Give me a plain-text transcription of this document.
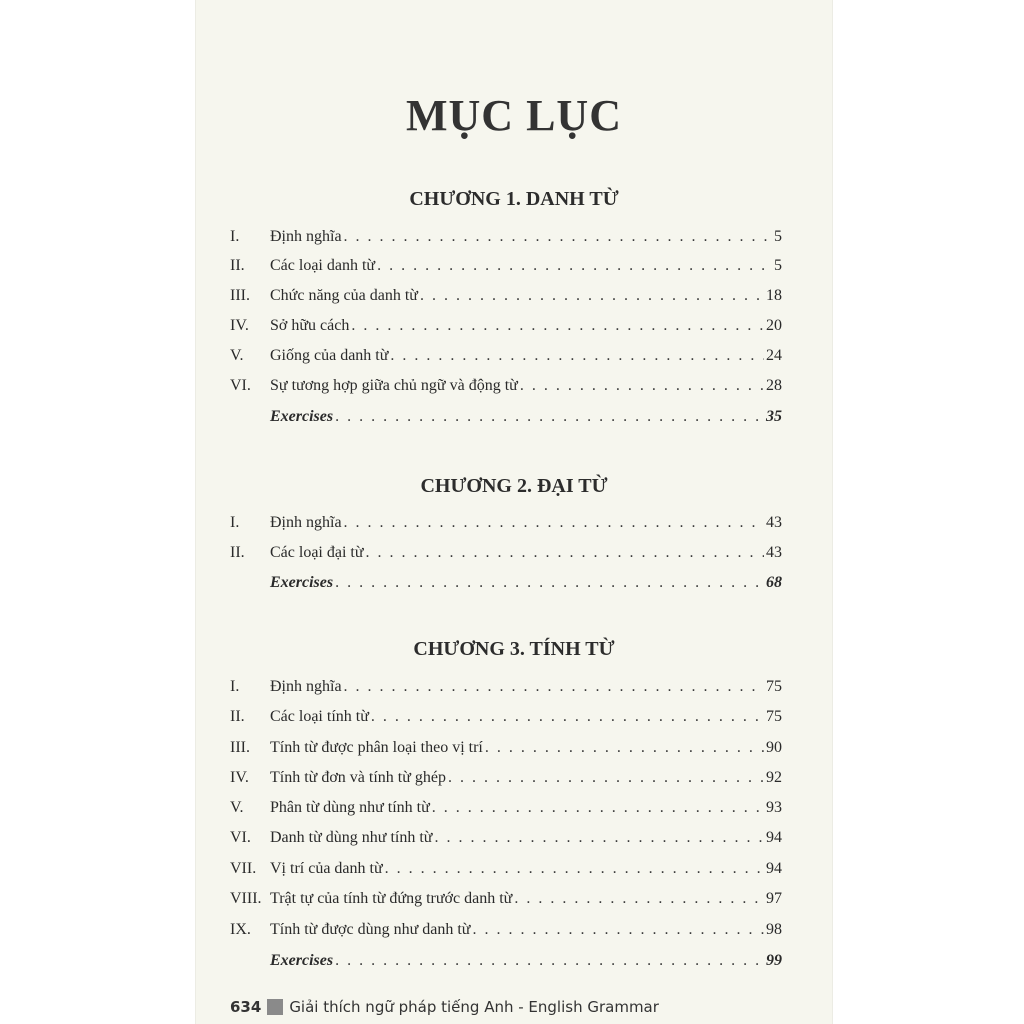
MỤC LỤC
CHƯƠNG 1. DANH TỪ
I.	Định nghĩa . . .	5
II.	Các loại danh từ . . .	5
III.	Chức năng của danh từ . . .	18
IV.	Sở hữu cách . . .	20
V.	Giống của danh từ . . .	24
VI.	Sự tương hợp giữa chủ ngữ và động từ . . .	28
Exercises . . .	35
CHƯƠNG 2. ĐẠI TỪ
I.	Định nghĩa . . .	43
II.	Các loại đại từ . . .	43
Exercises . . .	68
CHƯƠNG 3. TÍNH TỪ
I.	Định nghĩa . . .	75
II.	Các loại tính từ . . .	75
III.	Tính từ được phân loại theo vị trí . . .	90
IV.	Tính từ đơn và tính từ ghép . . .	92
V.	Phân từ dùng như tính từ . . .	93
VI.	Danh từ dùng như tính từ . . .	94
VII. Vị trí của danh từ . . .	94
VIII. Trật tự của tính từ đứng trước danh từ . . .	97
IX.	Tính từ được dùng như danh từ . . .	98
Exercises . . .	99
634 Giải thích ngữ pháp tiếng Anh - English Grammar
